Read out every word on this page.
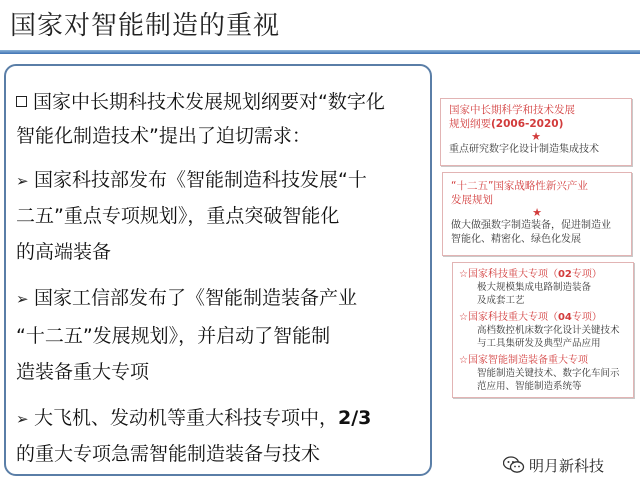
国家对智能制造的重视
国家中长期科技术发展规划纲要对“数字化
智能化制造技术”提出了迫切需求：
➢ 国家科技部发布《智能制造科技发展“十
二五”重点专项规划》，重点突破智能化
的高端装备
➢ 国家工信部发布了《智能制造装备产业
“十二五”发展规划》，并启动了智能制
造装备重大专项
➢ 大飞机、发动机等重大科技专项中，2/3
的重大专项急需智能制造装备与技术
国家中长期科学和技术发展
规划纲要(2006-2020)
★
重点研究数字化设计制造集成技术
“十二五”国家战略性新兴产业
发展规划
★
做大做强数字制造装备，促进制造业
智能化、精密化、绿色化发展
☆国家科技重大专项（02专项）
极大规模集成电路制造装备
及成套工艺
☆国家科技重大专项（04专项）
高档数控机床数字化设计关键技术
与工具集研发及典型产品应用
☆国家智能制造装备重大专项
智能制造关键技术、数字化车间示
范应用、智能制造系统等
明月新科技
